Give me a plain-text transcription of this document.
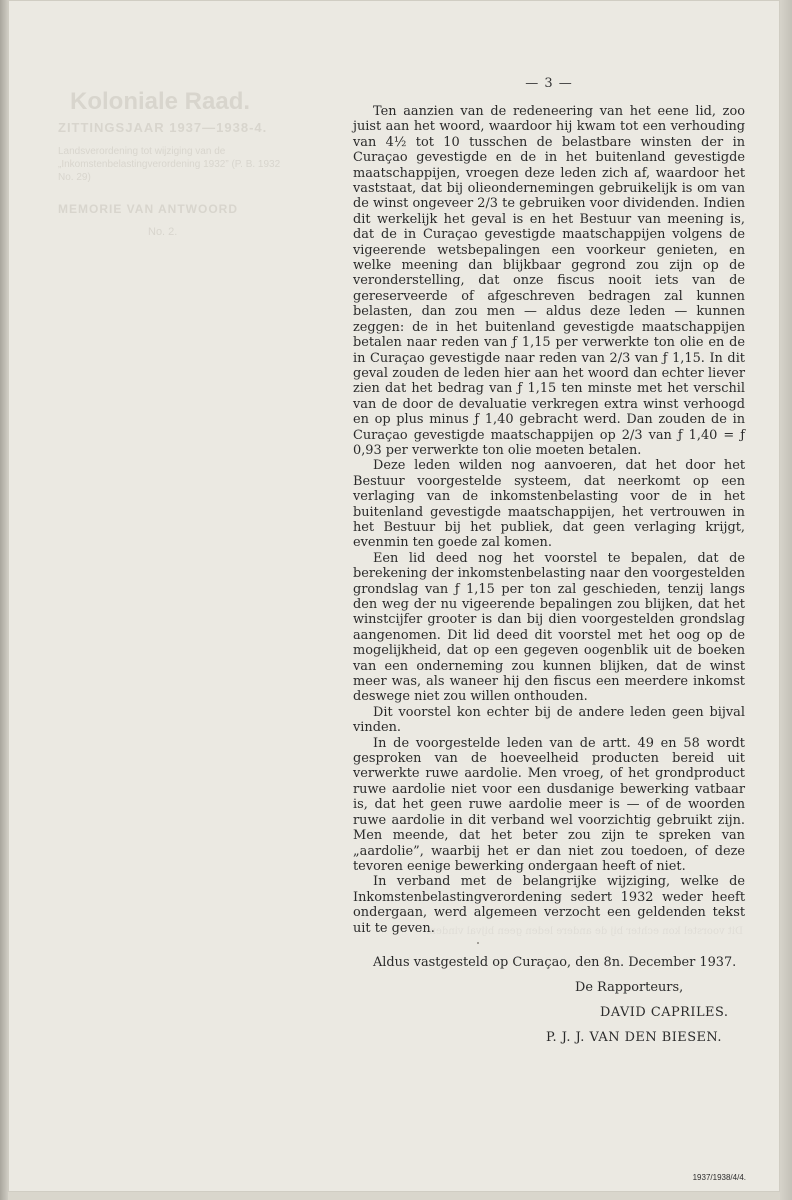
Koloniale Raad.
ZITTINGSJAAR 1937—1938-4.
Landsverordening tot wijziging van de „Inkomstenbelastingverordening 1932” (P. B. 1932 No. 29)
MEMORIE VAN ANTWOORD
No. 2.
— 3 —

Ten aanzien van de redeneering van het eene lid, zoo juist aan het woord, waardoor hij kwam tot een verhouding van 4½ tot 10 tusschen de belastbare winsten der in Curaçao gevestigde en de in het buitenland gevestigde maatschappijen, vroegen deze leden zich af, waardoor het vaststaat, dat bij olieondernemingen gebruikelijk is om van de winst ongeveer 2/3 te gebruiken voor dividenden. Indien dit werkelijk het geval is en het Bestuur van meening is, dat de in Curaçao gevestigde maatschappijen volgens de vigeerende wetsbepalingen een voorkeur genieten, en welke meening dan blijkbaar gegrond zou zijn op de veronderstelling, dat onze fiscus nooit iets van de gereserveerde of afgeschreven bedragen zal kunnen belasten, dan zou men — aldus deze leden — kunnen zeggen: de in het buitenland gevestigde maatschappijen betalen naar reden van ƒ 1,15 per verwerkte ton olie en de in Curaçao gevestigde naar reden van 2/3 van ƒ 1,15. In dit geval zouden de leden hier aan het woord dan echter liever zien dat het bedrag van ƒ 1,15 ten minste met het verschil van de door de devaluatie verkregen extra winst verhoogd en op plus minus ƒ 1,40 gebracht werd. Dan zouden de in Curaçao gevestigde maatschappijen op 2/3 van ƒ 1,40 = ƒ 0,93 per verwerkte ton olie moeten betalen.

Deze leden wilden nog aanvoeren, dat het door het Bestuur voorgestelde systeem, dat neerkomt op een verlaging van de inkomstenbelasting voor de in het buitenland gevestigde maatschappijen, het vertrouwen in het Bestuur bij het publiek, dat geen verlaging krijgt, evenmin ten goede zal komen.

Een lid deed nog het voorstel te bepalen, dat de berekening der inkomstenbelasting naar den voorgestelden grondslag van ƒ 1,15 per ton zal geschieden, tenzij langs den weg der nu vigeerende bepalingen zou blijken, dat het winstcijfer grooter is dan bij dien voorgestelden grondslag aangenomen. Dit lid deed dit voorstel met het oog op de mogelijkheid, dat op een gegeven oogenblik uit de boeken van een onderneming zou kunnen blijken, dat de winst meer was, als waneer hij den fiscus een meerdere inkomst deswege niet zou willen onthouden.

Dit voorstel kon echter bij de andere leden geen bijval vinden.

In de voorgestelde leden van de artt. 49 en 58 wordt gesproken van de hoeveelheid producten bereid uit verwerkte ruwe aardolie. Men vroeg, of het grondproduct ruwe aardolie niet voor een dusdanige bewerking vatbaar is, dat het geen ruwe aardolie meer is — of de woorden ruwe aardolie in dit verband wel voorzichtig gebruikt zijn. Men meende, dat het beter zou zijn te spreken van „aardolie”, waarbij het er dan niet zou toedoen, of deze tevoren eenige bewerking ondergaan heeft of niet.

In verband met de belangrijke wijziging, welke de Inkomstenbelastingverordening sedert 1932 weder heeft ondergaan, werd algemeen verzocht een geldenden tekst uit te geven.

Aldus vastgesteld op Curaçao, den 8n. December 1937.
De Rapporteurs,
DAVID CAPRILES.
P. J. J. VAN DEN BIESEN.
Dit voorstel kon echter bij de andere leden geen bijval vinden.
1937/1938/4/4.
